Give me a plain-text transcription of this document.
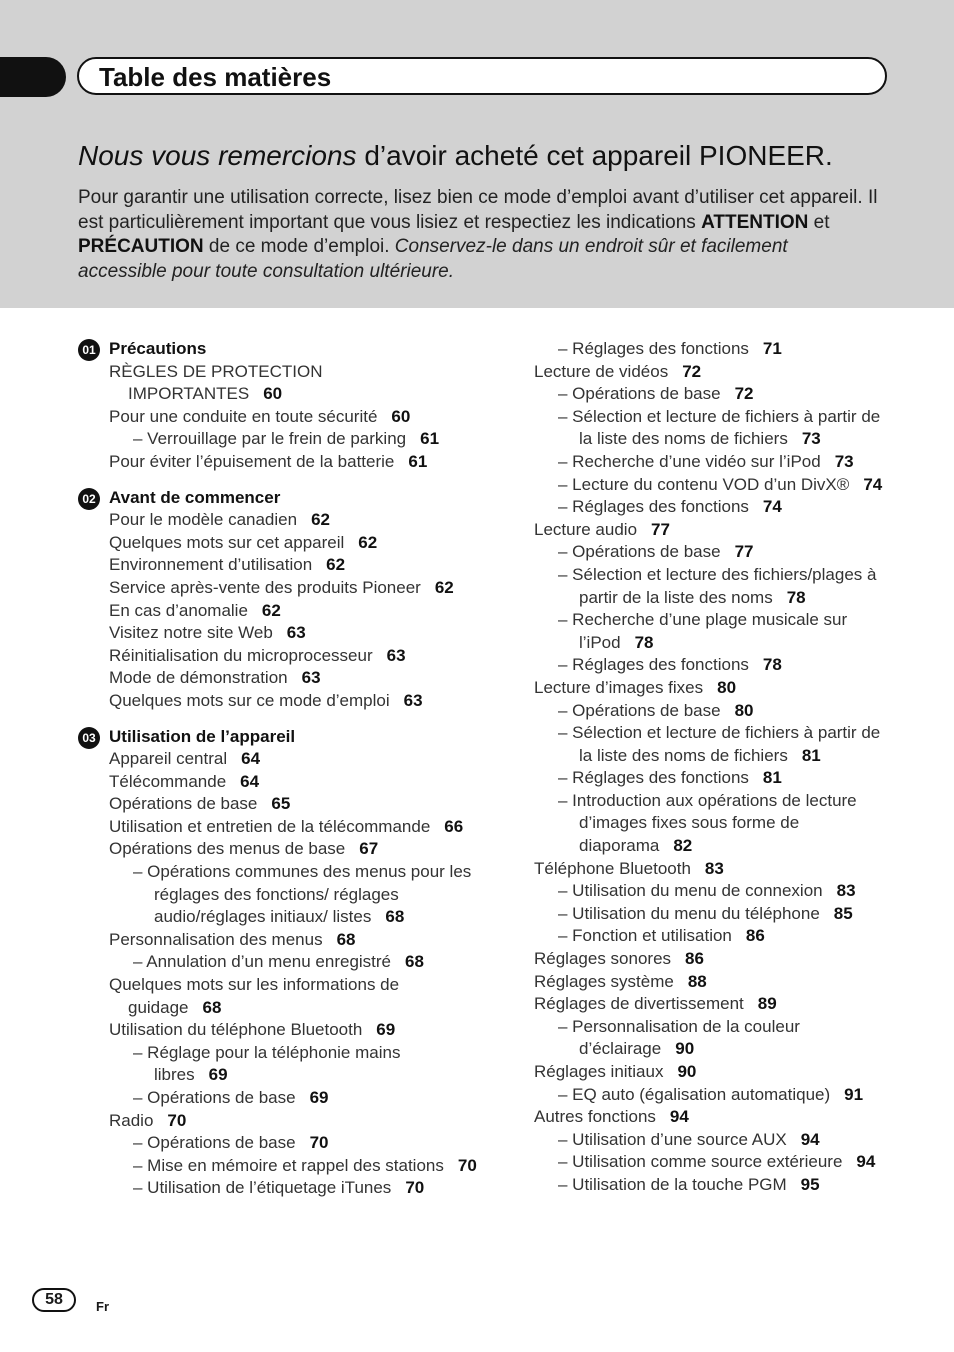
Table des matières
Nous vous remercions d’avoir acheté cet appareil PIONEER.
Pour garantir une utilisation correcte, lisez bien ce mode d’emploi avant d’utiliser cet appareil. Il est particulièrement important que vous lisiez et respectiez les indications ATTENTION et PRÉCAUTION de ce mode d’emploi. Conservez-le dans un endroit sûr et facilement accessible pour toute consultation ultérieure.
01 Précautions
RÈGLES DE PROTECTION IMPORTANTES 60
Pour une conduite en toute sécurité 60
– Verrouillage par le frein de parking 61
Pour éviter l’épuisement de la batterie 61
02 Avant de commencer
Pour le modèle canadien 62
Quelques mots sur cet appareil 62
Environnement d’utilisation 62
Service après-vente des produits Pioneer 62
En cas d’anomalie 62
Visitez notre site Web 63
Réinitialisation du microprocesseur 63
Mode de démonstration 63
Quelques mots sur ce mode d’emploi 63
03 Utilisation de l’appareil
Appareil central 64
Télécommande 64
Opérations de base 65
Utilisation et entretien de la télécommande 66
Opérations des menus de base 67
– Opérations communes des menus pour les réglages des fonctions/ réglages audio/réglages initiaux/ listes 68
Personnalisation des menus 68
– Annulation d’un menu enregistré 68
Quelques mots sur les informations de guidage 68
Utilisation du téléphone Bluetooth 69
– Réglage pour la téléphonie mains libres 69
– Opérations de base 69
Radio 70
– Opérations de base 70
– Mise en mémoire et rappel des stations 70
– Utilisation de l’étiquetage iTunes 70
– Réglages des fonctions 71
Lecture de vidéos 72
– Opérations de base 72
– Sélection et lecture de fichiers à partir de la liste des noms de fichiers 73
– Recherche d’une vidéo sur l’iPod 73
– Lecture du contenu VOD d’un DivX® 74
– Réglages des fonctions 74
Lecture audio 77
– Opérations de base 77
– Sélection et lecture des fichiers/plages à partir de la liste des noms 78
– Recherche d’une plage musicale sur l’iPod 78
– Réglages des fonctions 78
Lecture d’images fixes 80
– Opérations de base 80
– Sélection et lecture de fichiers à partir de la liste des noms de fichiers 81
– Réglages des fonctions 81
– Introduction aux opérations de lecture d’images fixes sous forme de diaporama 82
Téléphone Bluetooth 83
– Utilisation du menu de connexion 83
– Utilisation du menu du téléphone 85
– Fonction et utilisation 86
Réglages sonores 86
Réglages système 88
Réglages de divertissement 89
– Personnalisation de la couleur d’éclairage 90
Réglages initiaux 90
– EQ auto (égalisation automatique) 91
Autres fonctions 94
– Utilisation d’une source AUX 94
– Utilisation comme source extérieure 94
– Utilisation de la touche PGM 95
58	Fr
